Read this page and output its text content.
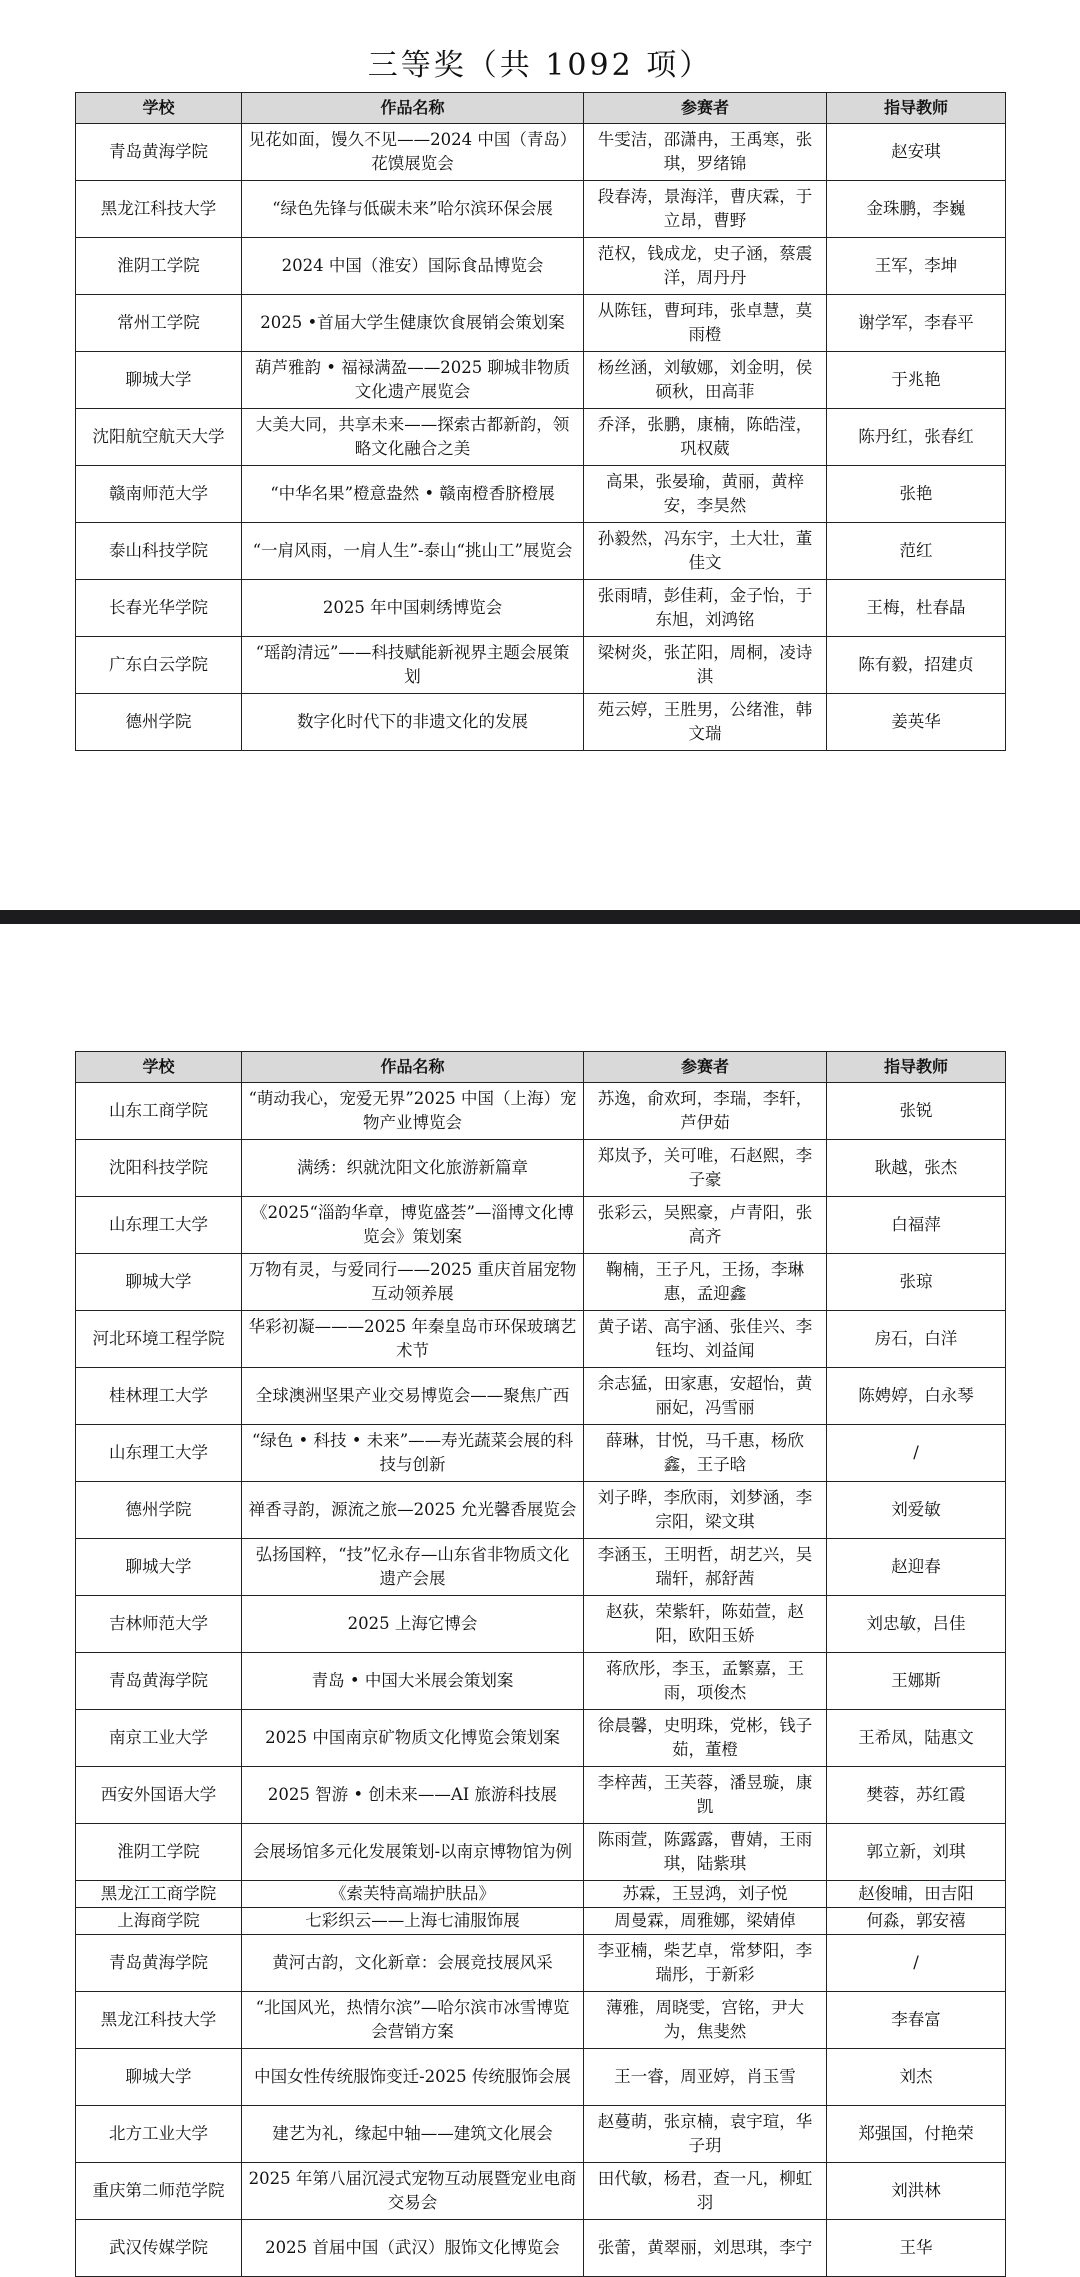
三等奖（共 1092 项）
学校	作品名称	参赛者	指导教师
青岛黄海学院	见花如面，馒久不见——2024 中国（青岛）花馍展览会	牛雯洁，邵潇冉，王禹寒，张琪，罗绪锦	赵安琪
黑龙江科技大学	“绿色先锋与低碳未来”哈尔滨环保会展	段春涛，景海洋，曹庆霖，于立昂，曹野	金珠鹏，李巍
淮阴工学院	2024 中国（淮安）国际食品博览会	范权，钱成龙，史子涵，蔡震洋，周丹丹	王军，李坤
常州工学院	2025 •首届大学生健康饮食展销会策划案	从陈钰，曹珂玮，张卓慧，莫雨橙	谢学军，李春平
聊城大学	葫芦雅韵 • 福禄满盈——2025 聊城非物质文化遗产展览会	杨丝涵，刘敏娜，刘金明，侯硕秋，田高菲	于兆艳
沈阳航空航天大学	大美大同，共享未来——探索古都新韵，领略文化融合之美	乔泽，张鹏，康楠，陈皓滢，巩权葳	陈丹红，张春红
赣南师范大学	“中华名果”橙意盎然 • 赣南橙香脐橙展	高果，张晏瑜，黄丽，黄梓安，李昊然	张艳
泰山科技学院	“一肩风雨，一肩人生”-泰山“挑山工”展览会	孙毅然，冯东宇，土大壮，董佳文	范红
长春光华学院	2025 年中国刺绣博览会	张雨晴，彭佳莉，金子怡，于东旭，刘鸿铭	王梅，杜春晶
广东白云学院	“瑶韵清远”——科技赋能新视界主题会展策划	梁树炎，张芷阳，周桐，凌诗淇	陈有毅，招建贞
德州学院	数字化时代下的非遗文化的发展	苑云婷，王胜男，公绪淮，韩文瑞	姜英华
学校	作品名称	参赛者	指导教师
山东工商学院	“萌动我心，宠爱无界”2025 中国（上海）宠物产业博览会	苏逸，俞欢珂，李瑞，李轩，芦伊茹	张锐
沈阳科技学院	满绣：织就沈阳文化旅游新篇章	郑岚予，关可唯，石赵熙，李子豪	耿越，张杰
山东理工大学	《2025“淄韵华章，博览盛荟”—淄博文化博览会》策划案	张彩云，吴熙豪，卢青阳，张高齐	白福萍
聊城大学	万物有灵，与爱同行——2025 重庆首届宠物互动领养展	鞠楠，王子凡，王扬，李琳惠，孟迎鑫	张琼
河北环境工程学院	华彩初凝———2025 年秦皇岛市环保玻璃艺术节	黄子诺、高宇涵、张佳兴、李钰均、刘益闻	房石，白洋
桂林理工大学	全球澳洲坚果产业交易博览会——聚焦广西	余志猛，田家惠，安超怡，黄丽妃，冯雪丽	陈娉婷，白永琴
山东理工大学	“绿色 • 科技 • 未来”——寿光蔬菜会展的科技与创新	薛琳，甘悦，马千惠，杨欣鑫，王子晗	/
德州学院	禅香寻韵，源流之旅—2025 允光馨香展览会	刘子晔，李欣雨，刘梦涵，李宗阳，梁文琪	刘爱敏
聊城大学	弘扬国粹，“技”忆永存—山东省非物质文化遗产会展	李涵玉，王明哲，胡艺兴，吴瑞轩，郝舒茜	赵迎春
吉林师范大学	2025 上海它博会	赵荻，荣紫轩，陈茹萱，赵阳，欧阳玉娇	刘忠敏，吕佳
青岛黄海学院	青岛 • 中国大米展会策划案	蒋欣彤，李玉，孟繁嘉，王雨，项俊杰	王娜斯
南京工业大学	2025 中国南京矿物质文化博览会策划案	徐晨馨，史明珠，党彬，钱子茹，董橙	王希凤，陆惠文
西安外国语大学	2025 智游 • 创未来——AI 旅游科技展	李梓茜，王芙蓉，潘昱璇，康凯	樊蓉，苏红霞
淮阴工学院	会展场馆多元化发展策划-以南京博物馆为例	陈雨萱，陈露露，曹婧，王雨琪，陆紫琪	郭立新，刘琪
黑龙江工商学院	《索芙特高端护肤品》	苏霖，王昱鸿，刘子悦	赵俊晡，田吉阳
上海商学院	七彩织云——上海七浦服饰展	周曼霖，周雅娜，梁婧倬	何淼，郭安禧
青岛黄海学院	黄河古韵，文化新章：会展竞技展风采	李亚楠，柴艺卓，常梦阳，李瑞彤，于新彩	/
黑龙江科技大学	“北国风光，热情尔滨”—哈尔滨市冰雪博览会营销方案	薄雅，周晓雯，宫铭，尹大为，焦斐然	李春富
聊城大学	中国女性传统服饰变迁-2025 传统服饰会展	王一睿，周亚婷，肖玉雪	刘杰
北方工业大学	建艺为礼，缘起中轴——建筑文化展会	赵蔓萌，张京楠，袁宇瑄，华子玥	郑强国，付艳荣
重庆第二师范学院	2025 年第八届沉浸式宠物互动展暨宠业电商交易会	田代敏，杨君，查一凡，柳虹羽	刘洪林
武汉传媒学院	2025 首届中国（武汉）服饰文化博览会	张蕾，黄翠丽，刘思琪，李宁	王华
